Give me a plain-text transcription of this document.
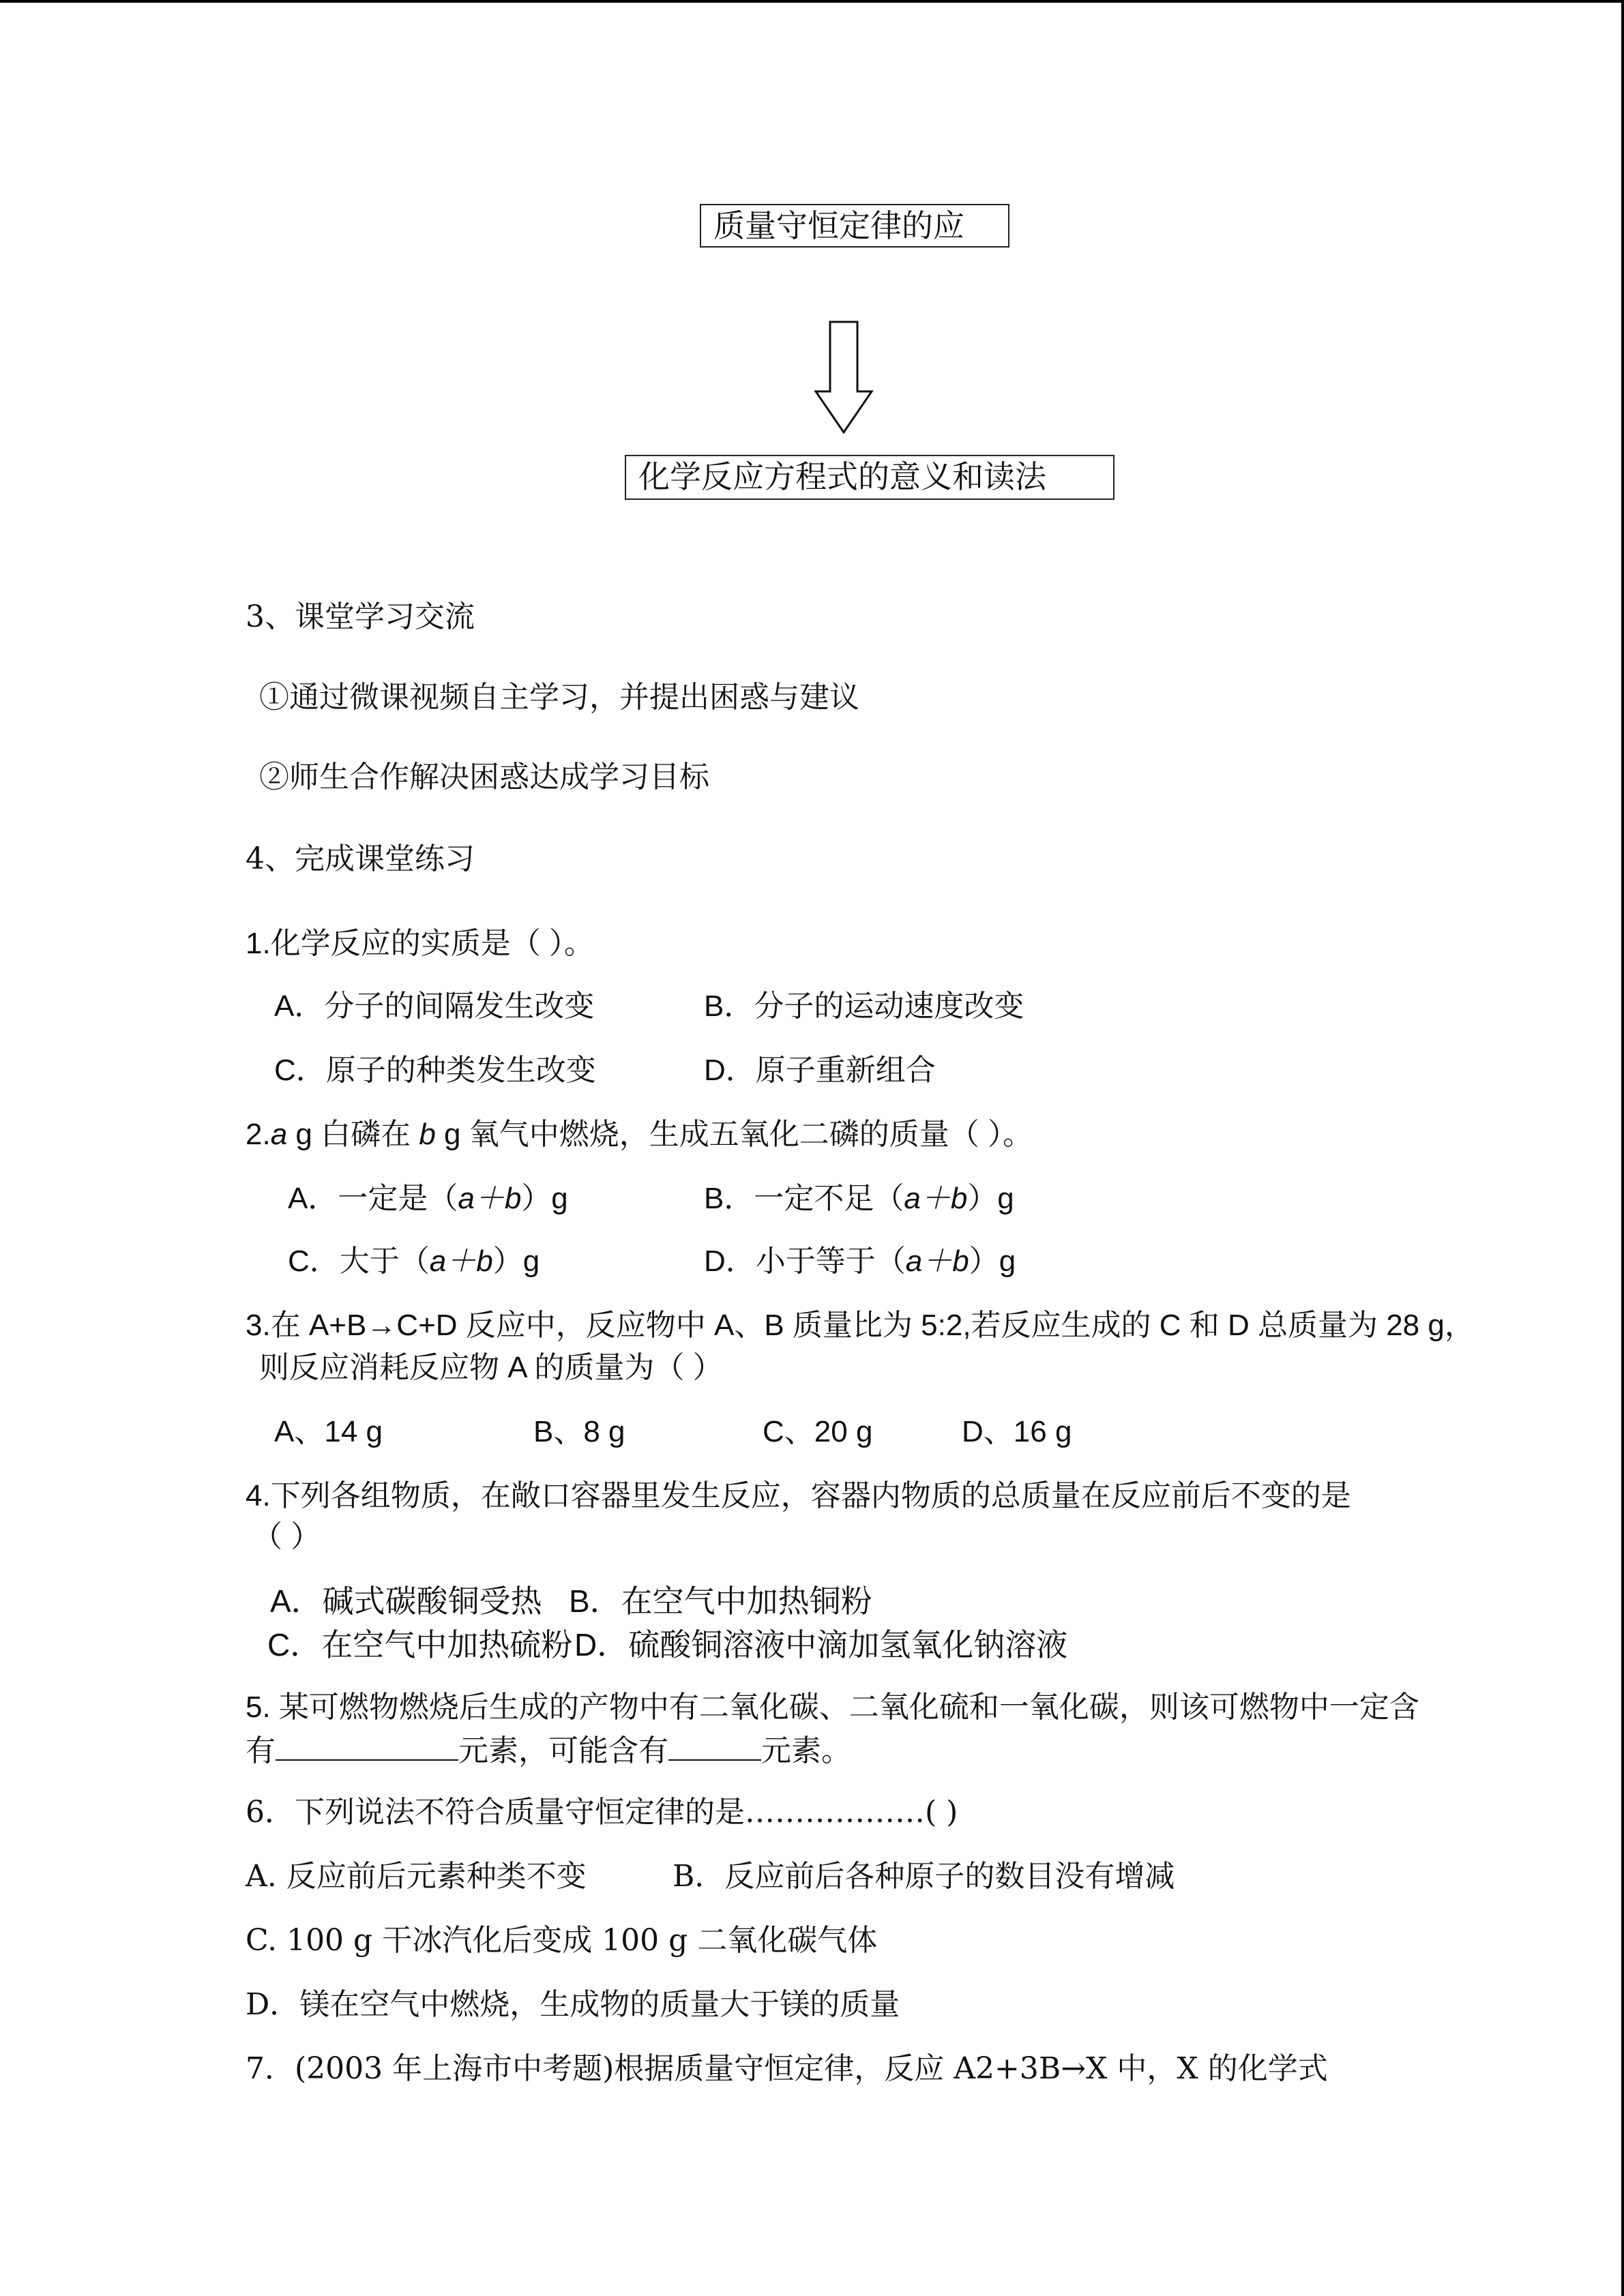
质量守恒定律的应
化学反应方程式的意义和读法
3、课堂学习交流
①通过微课视频自主学习，并提出困惑与建议
②师生合作解决困惑达成学习目标
4、完成课堂练习
1.化学反应的实质是（ ）。
A．分子的间隔发生改变	B．分子的运动速度改变
C．原子的种类发生改变	D．原子重新组合
2.a g 白磷在 b g 氧气中燃烧，生成五氧化二磷的质量（ ）。
A．一定是（a＋b）g	B．一定不足（a＋b）g
C．大于（a＋b）g	D．小于等于（a＋b）g
3.在 A+B→C+D 反应中，反应物中 A、B 质量比为 5:2,若反应生成的 C 和 D 总质量为 28 g，
则反应消耗反应物 A 的质量为（ ）
A、14 g	B、8 g	C、20 g	D、16 g
4.下列各组物质，在敞口容器里发生反应，容器内物质的总质量在反应前后不变的是
（ ）
A．碱式碳酸铜受热 B．在空气中加热铜粉
C．在空气中加热硫粉 D．硫酸铜溶液中滴加氢氧化钠溶液
5. 某可燃物燃烧后生成的产物中有二氧化碳、二氧化硫和一氧化碳，则该可燃物中一定含
有	元素，可能含有	元素。
6．下列说法不符合质量守恒定律的是………………( )
A. 反应前后元素种类不变	B．反应前后各种原子的数目没有增减
C. 100 g 干冰汽化后变成 100 g 二氧化碳气体
D．镁在空气中燃烧，生成物的质量大于镁的质量
7．(2003 年上海市中考题)根据质量守恒定律，反应 A2+3B→X 中，X 的化学式
